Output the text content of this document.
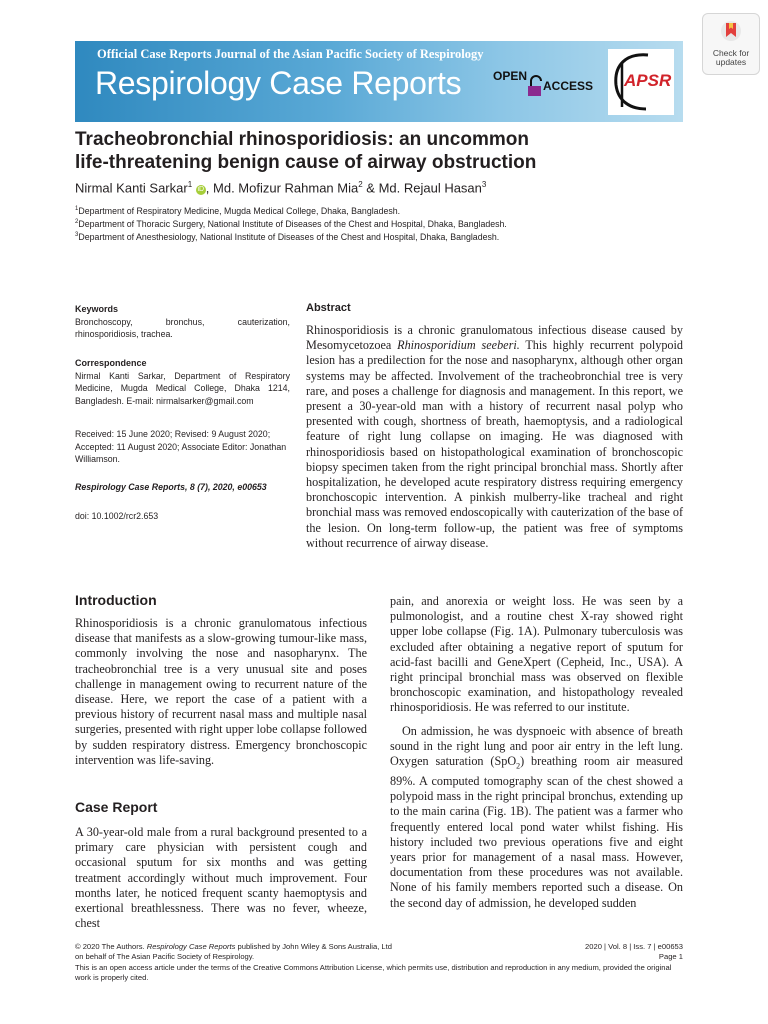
Check for
updates
Official Case Reports Journal of the Asian Pacific Society of Respirology
Respirology Case Reports	OPEN
ACCESS APSR
Tracheobronchial rhinosporidiosis: an uncommon
life-threatening benign cause of airway obstruction
Nirmal Kanti Sarkar$^1$ iD , Md. Mofizur Rahman Mia$^2$ & Md. Rejaul Hasan$^3$
$^1$Department of Respiratory Medicine, Mugda Medical College, Dhaka, Bangladesh.
$^2$Department of Thoracic Surgery, National Institute of Diseases of the Chest and Hospital, Dhaka, Bangladesh.
$^3$Department of Anesthesiology, National Institute of Diseases of the Chest and Hospital, Dhaka, Bangladesh.
Keywords
Bronchoscopy, bronchus, cauterization, rhinosporidiosis, trachea.
Correspondence
Nirmal Kanti Sarkar, Department of Respiratory Medicine, Mugda Medical College, Dhaka 1214, Bangladesh. E-mail: nirmalsarker@gmail.com
Received: 15 June 2020; Revised: 9 August 2020; Accepted: 11 August 2020; Associate Editor: Jonathan Williamson.
Respirology Case Reports, 8 (7), 2020, e00653
doi: 10.1002/rcr2.653
Abstract
Rhinosporidiosis is a chronic granulomatous infectious disease caused by Mesomycetozoea Rhinosporidium seeberi. This highly recurrent polypoid lesion has a predilection for the nose and nasopharynx, although other organ systems may be affected. Involvement of the tracheobronchial tree is very rare, and poses a challenge for diagnosis and management. In this report, we present a 30-year-old man with a history of recurrent nasal polyp who presented with cough, shortness of breath, haemoptysis, and a radiological feature of right lung collapse on imaging. He was diagnosed with rhinosporidiosis based on histopathological examination of bronchoscopic biopsy specimen taken from the right principal bronchial mass. Shortly after hospitalization, he developed acute respiratory distress requiring emergency bronchoscopic intervention. A pinkish mulberry-like tracheal and right bronchial mass was removed endoscopically with cauterization of the base of the lesion. On long-term follow-up, the patient was free of symptoms without recurrence of airway disease.
Introduction
Rhinosporidiosis is a chronic granulomatous infectious disease that manifests as a slow-growing tumour-like mass, commonly involving the nose and nasopharynx. The tracheobronchial tree is a very unusual site and poses challenge in management owing to recurrent nature of the disease. Here, we report the case of a patient with a previous history of recurrent nasal mass and multiple nasal surgeries, presented with right upper lobe collapse followed by sudden respiratory distress. Emergency bronchoscopic intervention was life-saving.
Case Report
A 30-year-old male from a rural background presented to a primary care physician with persistent cough and occasional sputum for six months and was getting treatment accordingly without much improvement. Four months later, he noticed frequent scanty haemoptysis and exertional breathlessness. There was no fever, wheeze, chest
pain, and anorexia or weight loss. He was seen by a pulmonologist, and a routine chest X-ray showed right upper lobe collapse (Fig. 1A). Pulmonary tuberculosis was excluded after obtaining a negative report of sputum for acid-fast bacilli and GeneXpert (Cepheid, Inc., USA). A right principal bronchial mass was observed on flexible bronchoscopic examination, and histopathology revealed rhinosporidiosis. He was referred to our institute.
On admission, he was dyspnoeic with absence of breath sound in the right lung and poor air entry in the left lung. Oxygen saturation (SpO$_2$) breathing room air measured 89%. A computed tomography scan of the chest showed a polypoid mass in the right principal bronchus, extending up to the main carina (Fig. 1B). The patient was a farmer who frequently entered local pond water whilst fishing. His history included two previous operations five and eight years prior for management of a nasal mass. However, documentation from these procedures was not available. None of his family members reported such a disease. On the second day of admission, he developed sudden
© 2020 The Authors. Respirology Case Reports published by John Wiley & Sons Australia, Ltd
on behalf of The Asian Pacific Society of Respirology.
2020 | Vol. 8 | Iss. 7 | e00653
Page 1
This is an open access article under the terms of the Creative Commons Attribution License, which permits use, distribution and reproduction in any medium, provided the original work is properly cited.
